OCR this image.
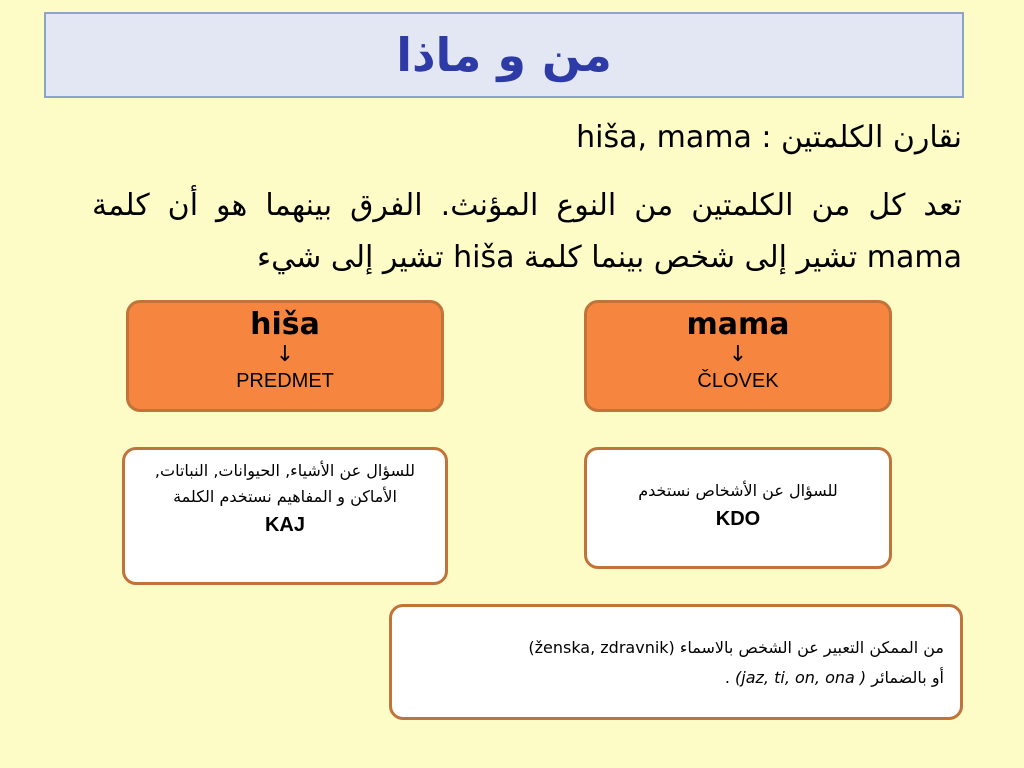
من و ماذا
نقارن الكلمتين : hiša, mama
تعد كل من الكلمتين من النوع المؤنث. الفرق بينهما هو أن كلمة mama تشير إلى شخص بينما كلمة hiša تشير إلى شيء
hiša
↓
PREDMET
mama
↓
ČLOVEK
للسؤال عن الأشياء, الحيوانات, النباتات, الأماكن و المفاهيم نستخدم الكلمة
KAJ
للسؤال عن الأشخاص نستخدم
KDO
من الممكن التعبير عن الشخص بالاسماء (ženska, zdravnik)
أو بالضمائر (jaz, ti, on, ona ) .
